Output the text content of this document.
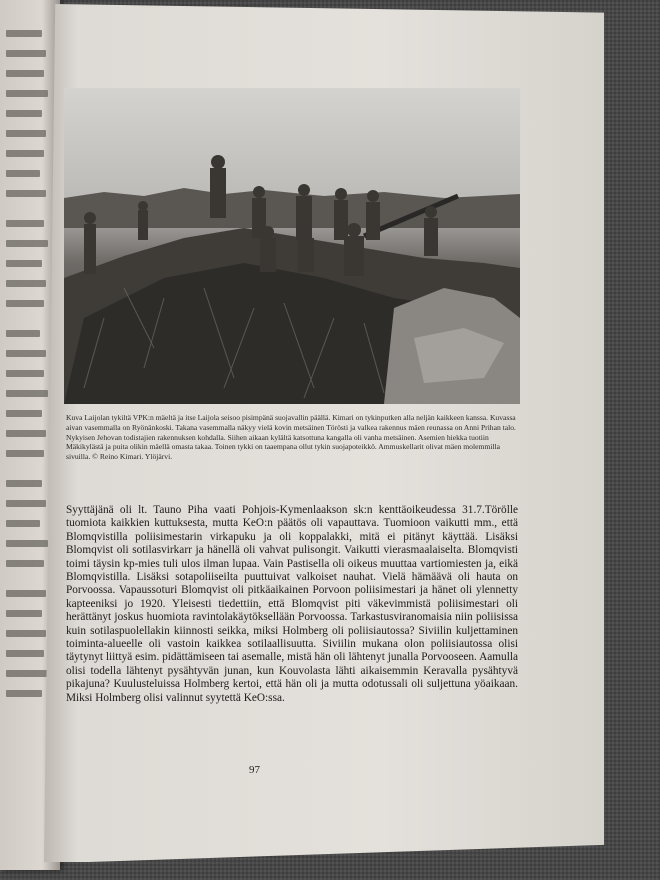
Kuva Laijolan tykiltä VPK:n mäeltä ja itse Laijola seisoo pisimpänä suojavallin päällä. Kimari on tykinputken alla neljän kaikkeen kanssa. Kuvassa aivan vasemmalla on Ryönänkoski. Takana vasemmalla näkyy vielä kovin metsäinen Törösti ja valkea rakennus mäen reunassa on Anni Prihan talo. Nykyisen Jehovan todistajien rakennuksen kohdalla. Siihen aikaan kylältä katsottuna kangalla oli vanha metsäinen. Asemien hiekka tuotiin Mäkikylästä ja puita olikin mäellä omasta takaa. Toinen tykki on taaempana ollut tykin suojapoteikkö. Ammuskellarit olivat mäen molemmilla sivuilla. © Reino Kimari. Ylöjärvi.

Syyttäjänä oli lt. Tauno Piha vaati Pohjois-Kymenlaakson sk:n kenttäoikeudessa 31.7.Törölle tuomiota kaikkien kuttuksesta, mutta KeO:n päätös oli vapauttava. Tuomioon vaikutti mm., että Blomqvistilla poliisimestarin virkapuku ja oli koppalakki, mitä ei pitänyt käyttää. Lisäksi Blomqvist oli sotilasvirkarr ja hänellä oli vahvat pulisongit. Vaikutti vierasmaalaiselta. Blomqvisti toimi täysin kp-mies tuli ulos ilman lupaa. Vain Pastisella oli oikeus muuttaa vartiomiesten ja, eikä Blomqvistilla. Lisäksi sotapoliiseilta puuttuivat valkoiset nauhat. Vielä hämäävä oli hauta on Porvoossa. Vapaussoturi Blomqvist oli pitkäaikainen Porvoon poliisimestari ja hänet oli ylennetty kapteeniksi jo 1920. Yleisesti tiedettiin, että Blomqvist piti väkevimmistä poliisimestari oli herättänyt joskus huomiota ravintolakäytöksellään Porvoossa. Tarkastusviranomaisia niin poliisissa kuin sotilaspuolellakin kiinnosti seikka, miksi Holmberg oli poliisiautossa? Siviilin kuljettaminen toiminta-alueelle oli vastoin kaikkea sotilaallisuutta. Siviilin mukana olon poliisiautossa olisi täytynyt liittyä esim. pidättämiseen tai asemalle, mistä hän oli lähtenyt junalla Porvooseen. Aamulla olisi todella lähtenyt pysähtyvän junan, kun Kouvolasta lähti aikaisemmin Keravalla pysähtyvä pikajuna? Kuulusteluissa Holmberg kertoi, että hän oli ja mutta odotussali oli suljettuna yöaikaan. Miksi Holmberg olisi valinnut syytettä KeO:ssa.

97
